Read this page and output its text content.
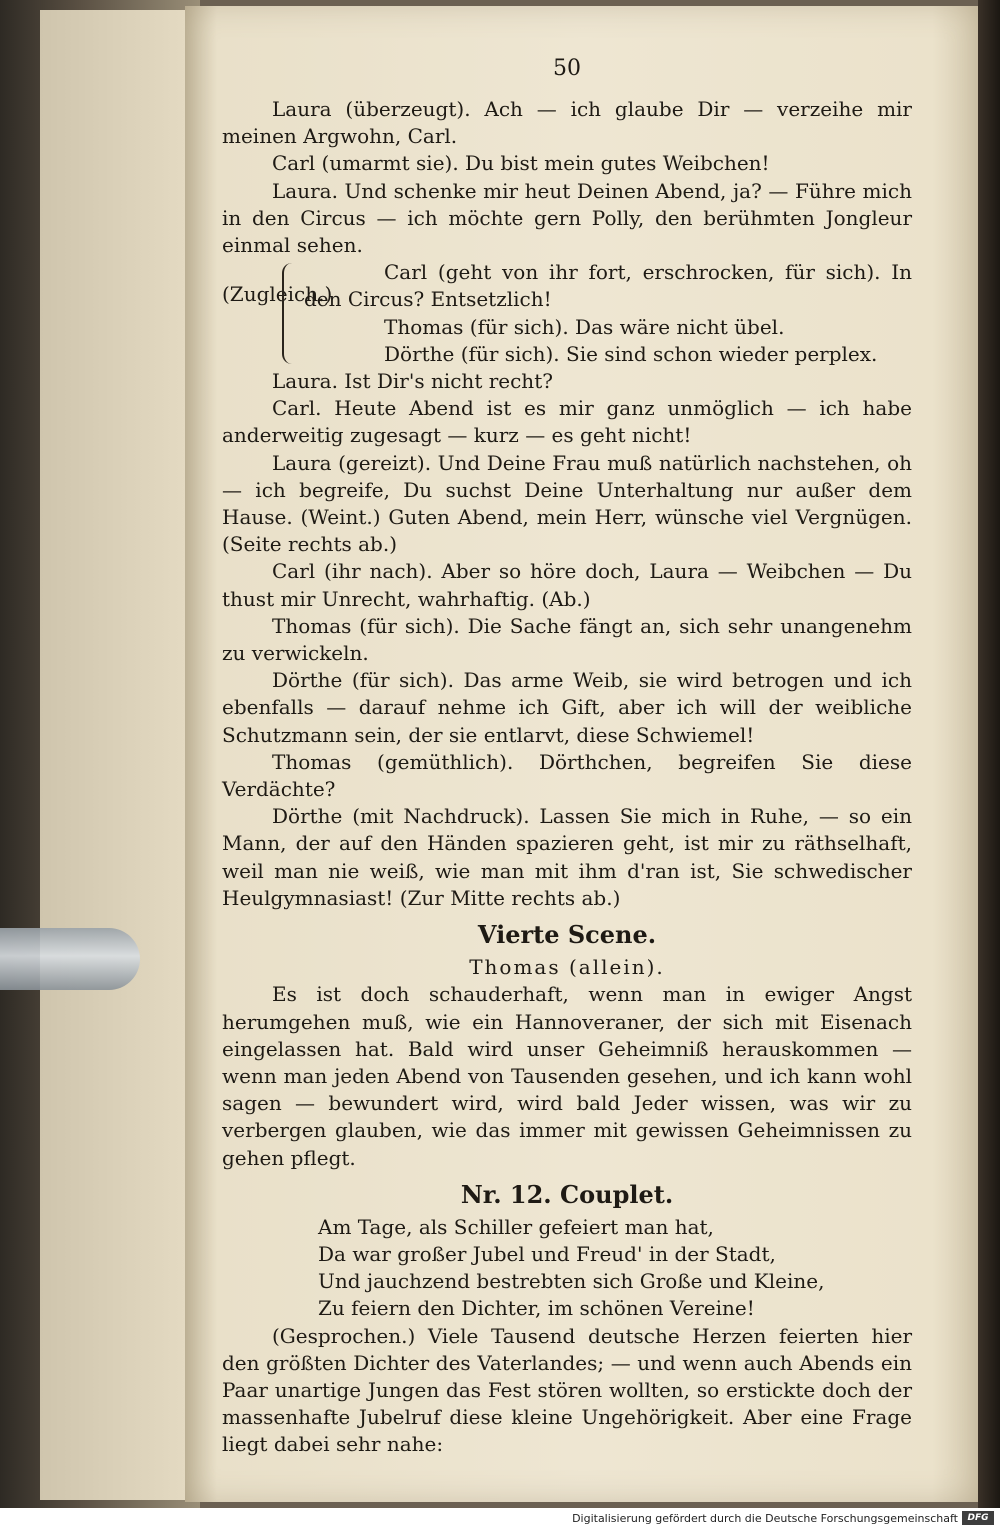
50
Laura (überzeugt). Ach — ich glaube Dir — verzeihe mir meinen Argwohn, Carl.
Carl (umarmt sie). Du bist mein gutes Weibchen!
Laura. Und schenke mir heut Deinen Abend, ja? — Führe mich in den Circus — ich möchte gern Polly, den berühmten Jongleur einmal sehen.
(Zugleich.)
Carl (geht von ihr fort, erschrocken, für sich). In den Circus? Entsetzlich!
Thomas (für sich). Das wäre nicht übel.
Dörthe (für sich). Sie sind schon wieder perplex.
Laura. Ist Dir's nicht recht?
Carl. Heute Abend ist es mir ganz unmöglich — ich habe anderweitig zugesagt — kurz — es geht nicht!
Laura (gereizt). Und Deine Frau muß natürlich nachstehen, oh — ich begreife, Du suchst Deine Unterhaltung nur außer dem Hause. (Weint.) Guten Abend, mein Herr, wünsche viel Vergnügen. (Seite rechts ab.)
Carl (ihr nach). Aber so höre doch, Laura — Weibchen — Du thust mir Unrecht, wahrhaftig. (Ab.)
Thomas (für sich). Die Sache fängt an, sich sehr unangenehm zu verwickeln.
Dörthe (für sich). Das arme Weib, sie wird betrogen und ich ebenfalls — darauf nehme ich Gift, aber ich will der weibliche Schutzmann sein, der sie entlarvt, diese Schwiemel!
Thomas (gemüthlich). Dörthchen, begreifen Sie diese Verdächte?
Dörthe (mit Nachdruck). Lassen Sie mich in Ruhe, — so ein Mann, der auf den Händen spazieren geht, ist mir zu räthselhaft, weil man nie weiß, wie man mit ihm d'ran ist, Sie schwedischer Heulgymnasiast! (Zur Mitte rechts ab.)
Vierte Scene.
Thomas (allein).
Es ist doch schauderhaft, wenn man in ewiger Angst herumgehen muß, wie ein Hannoveraner, der sich mit Eisenach eingelassen hat. Bald wird unser Geheimniß herauskommen — wenn man jeden Abend von Tausenden gesehen, und ich kann wohl sagen — bewundert wird, wird bald Jeder wissen, was wir zu verbergen glauben, wie das immer mit gewissen Geheimnissen zu gehen pflegt.
Nr. 12. Couplet.
Am Tage, als Schiller gefeiert man hat,
Da war großer Jubel und Freud' in der Stadt,
Und jauchzend bestrebten sich Große und Kleine,
Zu feiern den Dichter, im schönen Vereine!
(Gesprochen.) Viele Tausend deutsche Herzen feierten hier den größten Dichter des Vaterlandes; — und wenn auch Abends ein Paar unartige Jungen das Fest stören wollten, so erstickte doch der massenhafte Jubelruf diese kleine Ungehörigkeit. Aber eine Frage liegt dabei sehr nahe:
Digitalisierung gefördert durch die Deutsche Forschungsgemeinschaft	DFG
